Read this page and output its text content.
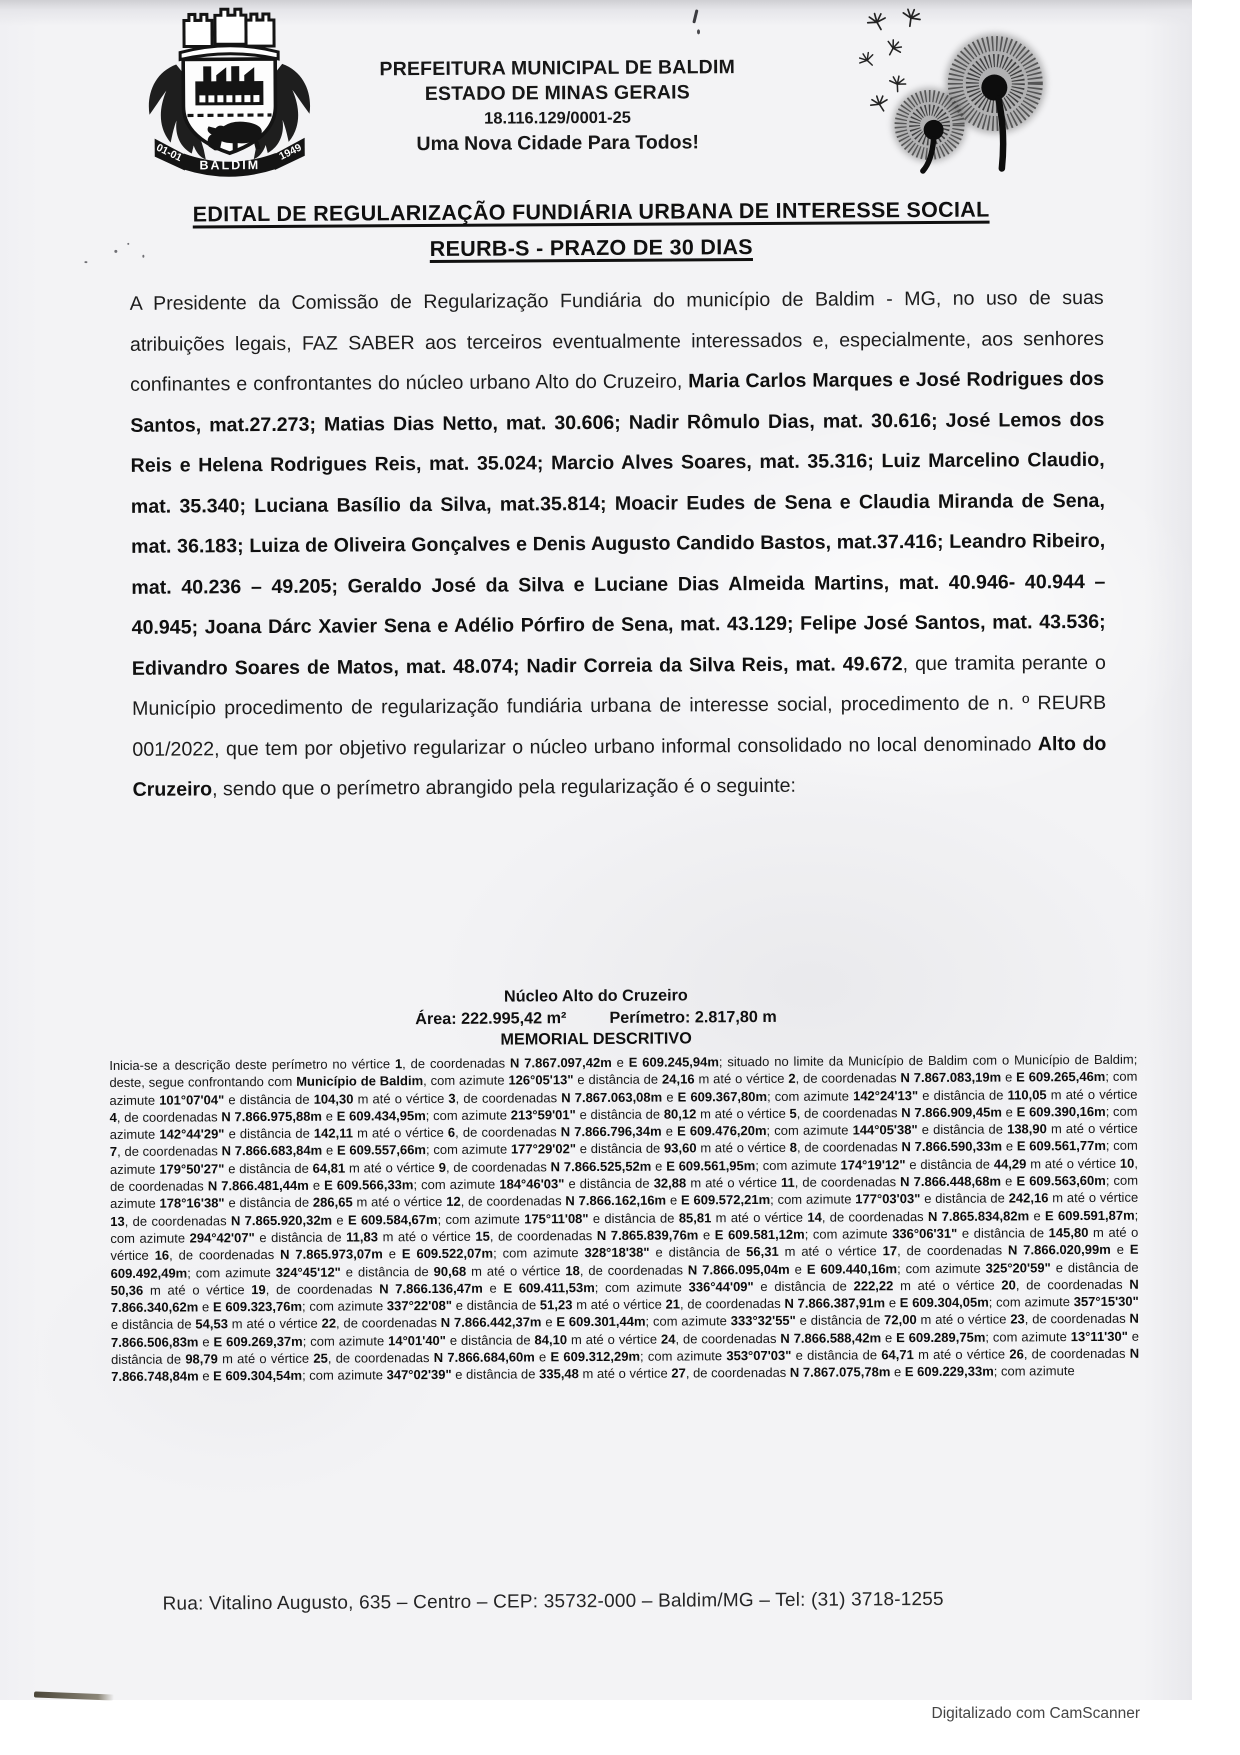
01-01
BALDIM
1949
PREFEITURA MUNICIPAL DE BALDIM
ESTADO DE MINAS GERAIS
18.116.129/0001-25
Uma Nova Cidade Para Todos!
EDITAL DE REGULARIZAÇÃO FUNDIÁRIA URBANA DE INTERESSE SOCIAL
REURB-S - PRAZO DE 30 DIAS
A Presidente da Comissão de Regularização Fundiária do município de Baldim - MG, no uso de suas atribuições legais, FAZ SABER aos terceiros eventualmente interessados e, especialmente, aos senhores confinantes e confrontantes do núcleo urbano Alto do Cruzeiro, Maria Carlos Marques e José Rodrigues dos Santos, mat.27.273; Matias Dias Netto, mat. 30.606; Nadir Rômulo Dias, mat. 30.616; José Lemos dos Reis e Helena Rodrigues Reis, mat. 35.024; Marcio Alves Soares, mat. 35.316; Luiz Marcelino Claudio, mat. 35.340; Luciana Basílio da Silva, mat.35.814; Moacir Eudes de Sena e Claudia Miranda de Sena, mat. 36.183; Luiza de Oliveira Gonçalves e Denis Augusto Candido Bastos, mat.37.416; Leandro Ribeiro, mat. 40.236 – 49.205; Geraldo José da Silva e Luciane Dias Almeida Martins, mat. 40.946- 40.944 – 40.945; Joana Dárc Xavier Sena e Adélio Pórfiro de Sena, mat. 43.129; Felipe José Santos, mat. 43.536; Edivandro Soares de Matos, mat. 48.074; Nadir Correia da Silva Reis, mat. 49.672, que tramita perante o Município procedimento de regularização fundiária urbana de interesse social, procedimento de n. º REURB 001/2022, que tem por objetivo regularizar o núcleo urbano informal consolidado no local denominado Alto do Cruzeiro, sendo que o perímetro abrangido pela regularização é o seguinte:
Núcleo Alto do Cruzeiro
Área: 222.995,42 m²	Perímetro: 2.817,80 m
MEMORIAL DESCRITIVO
Inicia-se a descrição deste perímetro no vértice 1, de coordenadas N 7.867.097,42m e E 609.245,94m; situado no limite da Município de Baldim com o Município de Baldim; deste, segue confrontando com Município de Baldim, com azimute 126°05'13" e distância de 24,16 m até o vértice 2, de coordenadas N 7.867.083,19m e E 609.265,46m; com azimute 101°07'04" e distância de 104,30 m até o vértice 3, de coordenadas N 7.867.063,08m e E 609.367,80m; com azimute 142°24'13" e distância de 110,05 m até o vértice 4, de coordenadas N 7.866.975,88m e E 609.434,95m; com azimute 213°59'01" e distância de 80,12 m até o vértice 5, de coordenadas N 7.866.909,45m e E 609.390,16m; com azimute 142°44'29" e distância de 142,11 m até o vértice 6, de coordenadas N 7.866.796,34m e E 609.476,20m; com azimute 144°05'38" e distância de 138,90 m até o vértice 7, de coordenadas N 7.866.683,84m e E 609.557,66m; com azimute 177°29'02" e distância de 93,60 m até o vértice 8, de coordenadas N 7.866.590,33m e E 609.561,77m; com azimute 179°50'27" e distância de 64,81 m até o vértice 9, de coordenadas N 7.866.525,52m e E 609.561,95m; com azimute 174°19'12" e distância de 44,29 m até o vértice 10, de coordenadas N 7.866.481,44m e E 609.566,33m; com azimute 184°46'03" e distância de 32,88 m até o vértice 11, de coordenadas N 7.866.448,68m e E 609.563,60m; com azimute 178°16'38" e distância de 286,65 m até o vértice 12, de coordenadas N 7.866.162,16m e E 609.572,21m; com azimute 177°03'03" e distância de 242,16 m até o vértice 13, de coordenadas N 7.865.920,32m e E 609.584,67m; com azimute 175°11'08" e distância de 85,81 m até o vértice 14, de coordenadas N 7.865.834,82m e E 609.591,87m; com azimute 294°42'07" e distância de 11,83 m até o vértice 15, de coordenadas N 7.865.839,76m e E 609.581,12m; com azimute 336°06'31" e distância de 145,80 m até o vértice 16, de coordenadas N 7.865.973,07m e E 609.522,07m; com azimute 328°18'38" e distância de 56,31 m até o vértice 17, de coordenadas N 7.866.020,99m e E 609.492,49m; com azimute 324°45'12" e distância de 90,68 m até o vértice 18, de coordenadas N 7.866.095,04m e E 609.440,16m; com azimute 325°20'59" e distância de 50,36 m até o vértice 19, de coordenadas N 7.866.136,47m e E 609.411,53m; com azimute 336°44'09" e distância de 222,22 m até o vértice 20, de coordenadas N 7.866.340,62m e E 609.323,76m; com azimute 337°22'08" e distância de 51,23 m até o vértice 21, de coordenadas N 7.866.387,91m e E 609.304,05m; com azimute 357°15'30" e distância de 54,53 m até o vértice 22, de coordenadas N 7.866.442,37m e E 609.301,44m; com azimute 333°32'55" e distância de 72,00 m até o vértice 23, de coordenadas N 7.866.506,83m e E 609.269,37m; com azimute 14°01'40" e distância de 84,10 m até o vértice 24, de coordenadas N 7.866.588,42m e E 609.289,75m; com azimute 13°11'30" e distância de 98,79 m até o vértice 25, de coordenadas N 7.866.684,60m e E 609.312,29m; com azimute 353°07'03" e distância de 64,71 m até o vértice 26, de coordenadas N 7.866.748,84m e E 609.304,54m; com azimute 347°02'39" e distância de 335,48 m até o vértice 27, de coordenadas N 7.867.075,78m e E 609.229,33m; com azimute
Rua: Vitalino Augusto, 635 – Centro – CEP: 35732-000 – Baldim/MG – Tel: (31) 3718-1255
Digitalizado com CamScanner
